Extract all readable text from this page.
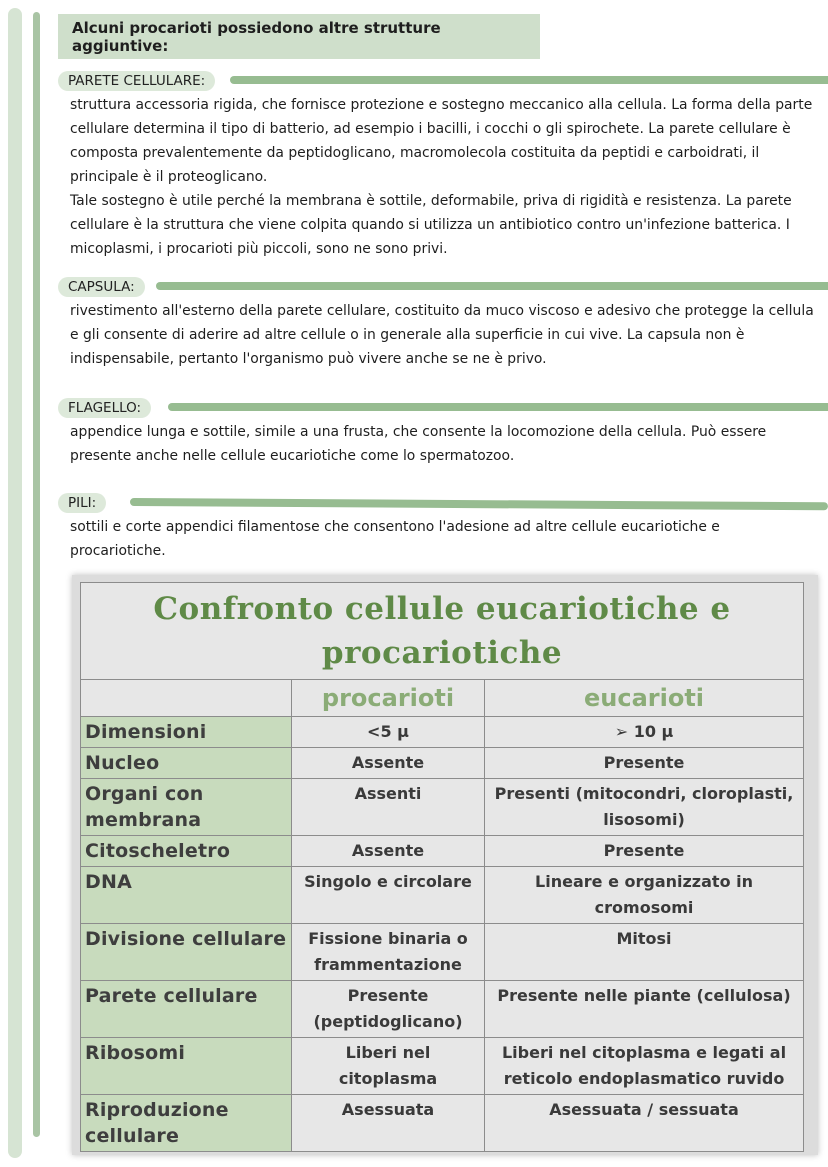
Alcuni procarioti possiedono altre strutture aggiuntive:
PARETE CELLULARE:

struttura accessoria rigida, che fornisce protezione e sostegno meccanico alla cellula. La forma della parte cellulare determina il tipo di batterio, ad esempio i bacilli, i cocchi o gli spirochete. La parete cellulare è composta prevalentemente da peptidoglicano, macromolecola costituita da peptidi e carboidrati, il principale è il proteoglicano.

Tale sostegno è utile perché la membrana è sottile, deformabile, priva di rigidità e resistenza. La parete cellulare è la struttura che viene colpita quando si utilizza un antibiotico contro un'infezione batterica. I micoplasmi, i procarioti più piccoli, sono ne sono privi.

CAPSULA:

rivestimento all'esterno della parete cellulare, costituito da muco viscoso e adesivo che protegge la cellula e gli consente di aderire ad altre cellule o in generale alla superficie in cui vive. La capsula non è indispensabile, pertanto l'organismo può vivere anche se ne è privo.

FLAGELLO:

appendice lunga e sottile, simile a una frusta, che consente la locomozione della cellula. Può essere presente anche nelle cellule eucariotiche come lo spermatozoo.

PILI:

sottili e corte appendici filamentose che consentono l'adesione ad altre cellule eucariotiche e procariotiche.

Confronto cellule eucariotiche e procariotiche		
	procarioti	eucarioti
Dimensioni	<5 μ	➢ 10 μ
Nucleo	Assente	Presente
Organi con membrana	Assenti	Presenti (mitocondri, cloroplasti, lisosomi)
Citoscheletro	Assente	Presente
DNA	Singolo e circolare	Lineare e organizzato in cromosomi
Divisione cellulare	Fissione binaria o frammentazione	Mitosi
Parete cellulare	Presente (peptidoglicano)	Presente nelle piante (cellulosa)
Ribosomi	Liberi nel citoplasma	Liberi nel citoplasma e legati al reticolo endoplasmatico ruvido
Riproduzione cellulare	Asessuata	Asessuata / sessuata
